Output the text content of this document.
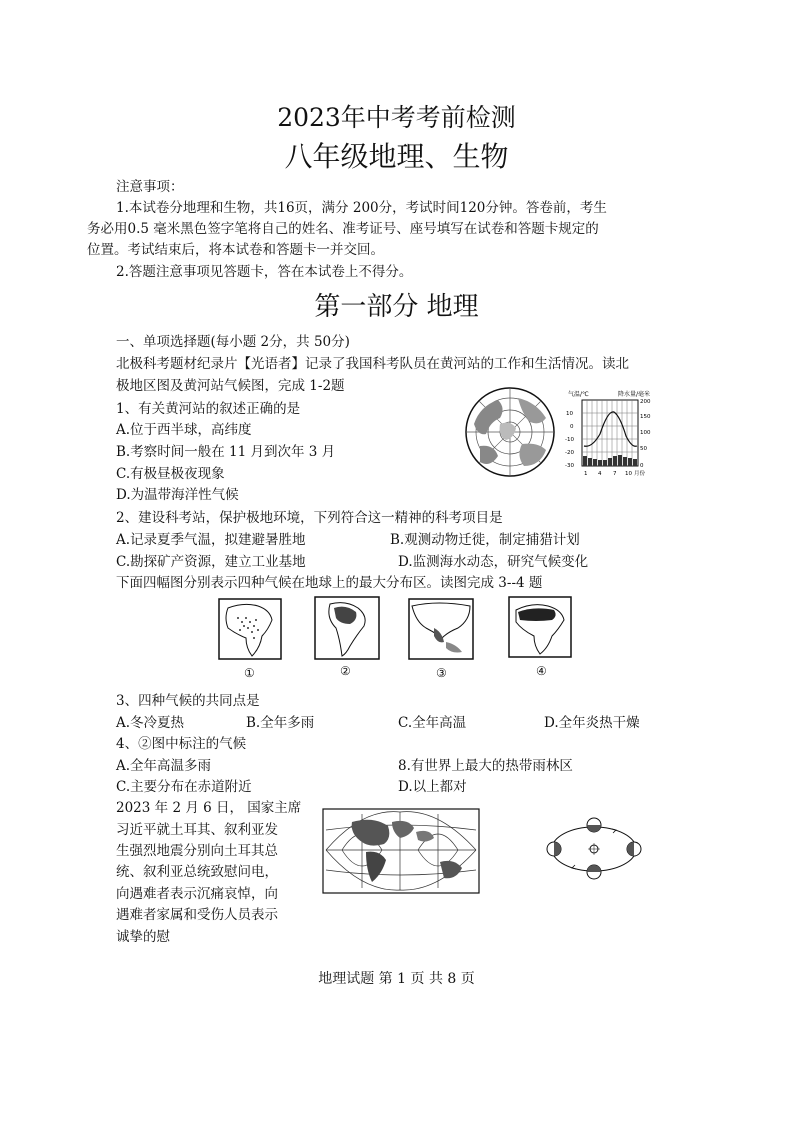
2023年中考考前检测
八年级地理、生物
注意事项：
1.本试卷分地理和生物，共16页，满分 200分，考试时间120分钟。答卷前，考生
务必用0.5 毫米黑色签字笔将自己的姓名、准考证号、座号填写在试卷和答题卡规定的
位置。考试结束后，将本试卷和答题卡一并交回。
2.答题注意事项见答题卡，答在本试卷上不得分。
第一部分 地理
一、单项选择题(每小题 2分，共 50分)
北极科考题材纪录片【光语者】记录了我国科考队员在黄河站的工作和生活情况。读北
极地区图及黄河站气候图，完成 1-2题
1、有关黄河站的叙述正确的是
A.位于西半球，高纬度
B.考察时间一般在 11 月到次年 3 月
C.有极昼极夜现象
D.为温带海洋性气候
气温/℃	降水量/毫米
10
0
-10
-20
-30
200
150
100
50
0
1 4 7 10 月份
2、建设科考站，保护极地环境，下列符合这一精神的科考项目是
A.记录夏季气温，拟建避暑胜地	B.观测动物迁徙，制定捕猎计划
C.勘探矿产资源，建立工业基地	D.监测海水动态，研究气候变化
下面四幅图分别表示四种气候在地球上的最大分布区。读图完成 3--4 题
①	②	③	④
3、四种气候的共同点是
A.冬冷夏热	B.全年多雨	C.全年高温	D.全年炎热干燥
4、②图中标注的气候
A.全年高温多雨	8.有世界上最大的热带雨林区
C.主要分布在赤道附近	D.以上都对
2023 年 2 月 6 日， 国家主席
习近平就土耳其、叙利亚发
生强烈地震分别向土耳其总
统、叙利亚总统致慰问电，
向遇难者表示沉痛哀悼，向
遇难者家属和受伤人员表示
诚挚的慰
地理试题 第 1 页 共 8 页
